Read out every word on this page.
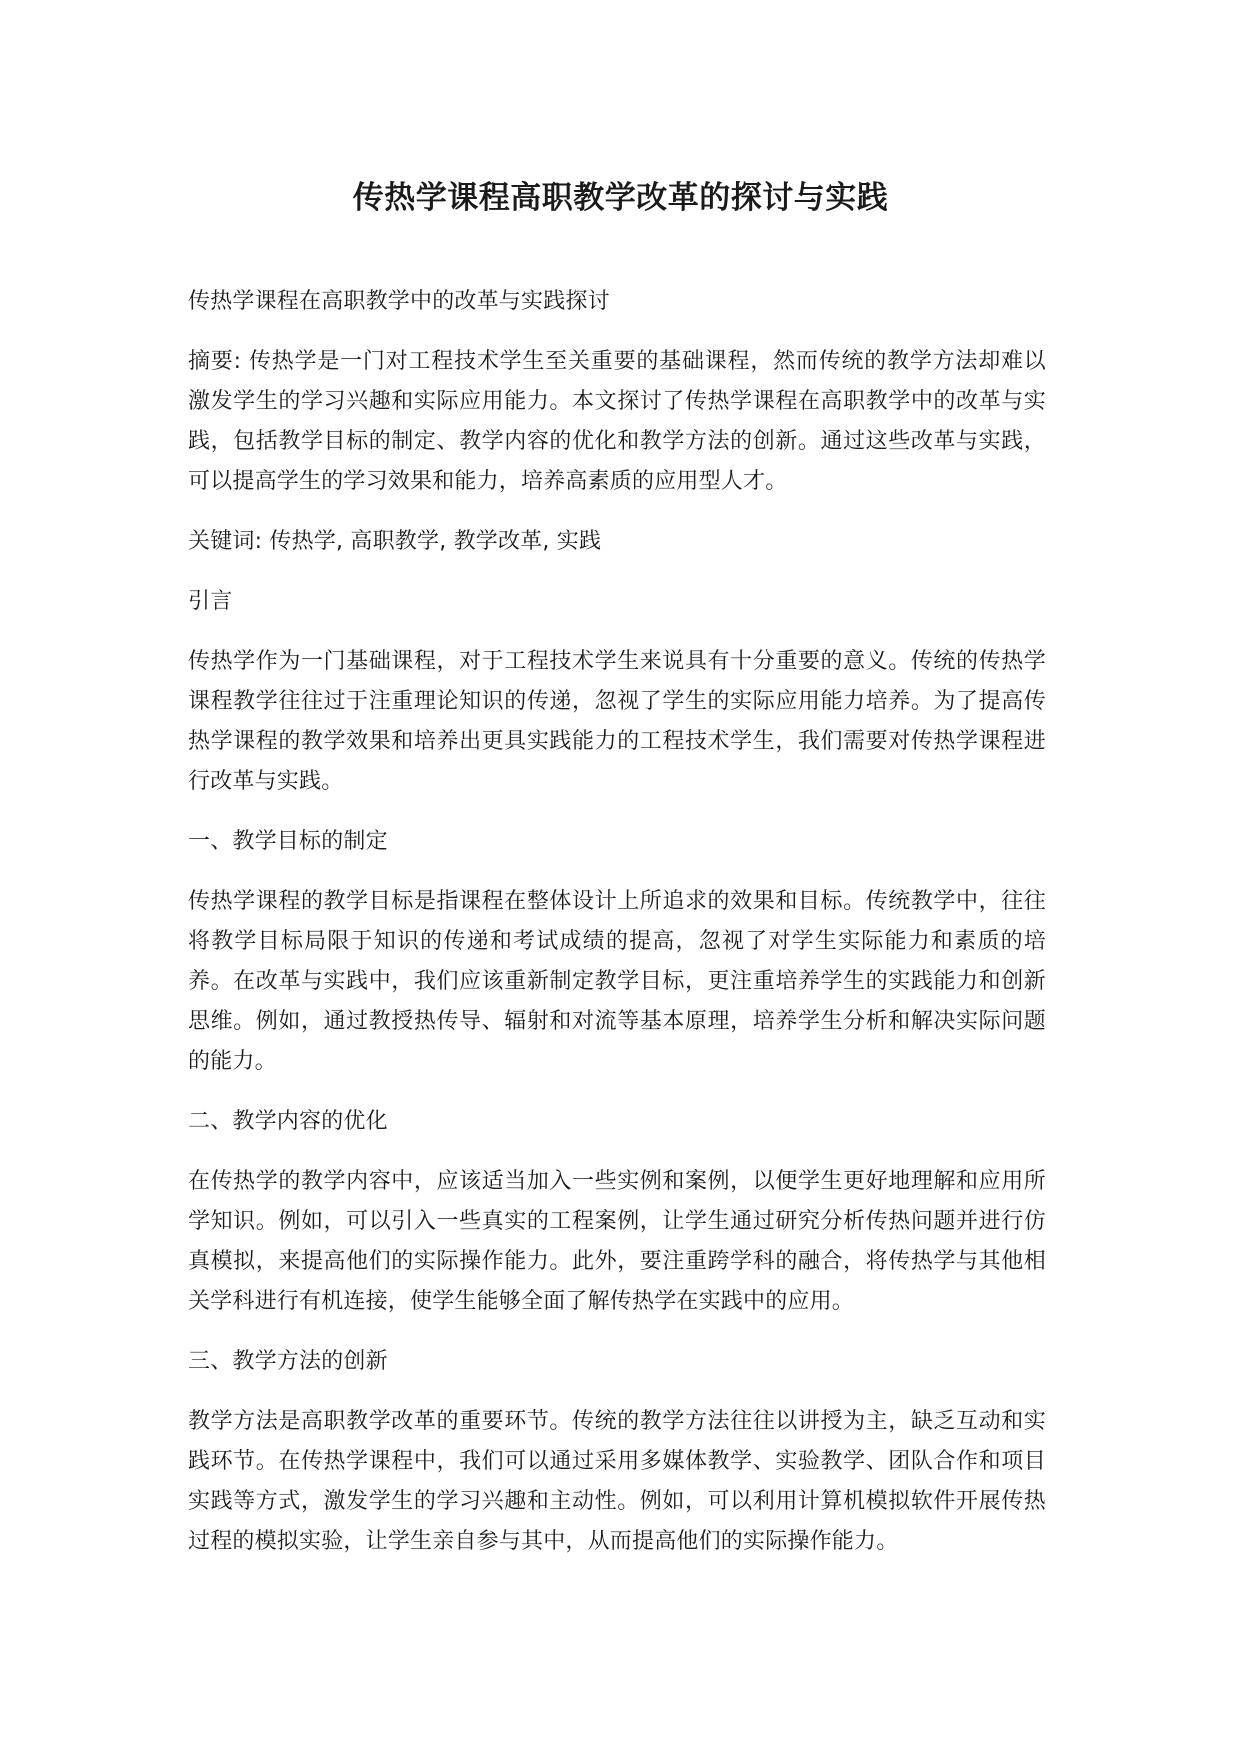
传热学课程高职教学改革的探讨与实践

传热学课程在高职教学中的改革与实践探讨

摘要: 传热学是一门对工程技术学生至关重要的基础课程，然而传统的教学方法却难以激发学生的学习兴趣和实际应用能力。本文探讨了传热学课程在高职教学中的改革与实践，包括教学目标的制定、教学内容的优化和教学方法的创新。通过这些改革与实践，可以提高学生的学习效果和能力，培养高素质的应用型人才。

关键词: 传热学, 高职教学, 教学改革, 实践

引言

传热学作为一门基础课程，对于工程技术学生来说具有十分重要的意义。传统的传热学课程教学往往过于注重理论知识的传递，忽视了学生的实际应用能力培养。为了提高传热学课程的教学效果和培养出更具实践能力的工程技术学生，我们需要对传热学课程进行改革与实践。

一、教学目标的制定

传热学课程的教学目标是指课程在整体设计上所追求的效果和目标。传统教学中，往往将教学目标局限于知识的传递和考试成绩的提高，忽视了对学生实际能力和素质的培养。在改革与实践中，我们应该重新制定教学目标，更注重培养学生的实践能力和创新思维。例如，通过教授热传导、辐射和对流等基本原理，培养学生分析和解决实际问题的能力。

二、教学内容的优化

在传热学的教学内容中，应该适当加入一些实例和案例，以便学生更好地理解和应用所学知识。例如，可以引入一些真实的工程案例，让学生通过研究分析传热问题并进行仿真模拟，来提高他们的实际操作能力。此外，要注重跨学科的融合，将传热学与其他相关学科进行有机连接，使学生能够全面了解传热学在实践中的应用。

三、教学方法的创新

教学方法是高职教学改革的重要环节。传统的教学方法往往以讲授为主，缺乏互动和实践环节。在传热学课程中，我们可以通过采用多媒体教学、实验教学、团队合作和项目实践等方式，激发学生的学习兴趣和主动性。例如，可以利用计算机模拟软件开展传热过程的模拟实验，让学生亲自参与其中，从而提高他们的实际操作能力。
